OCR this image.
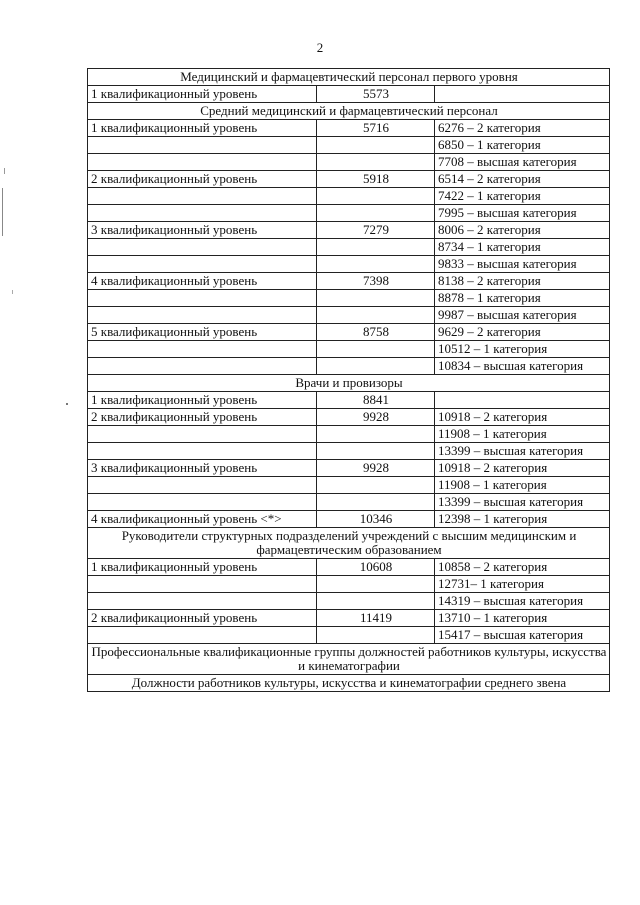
2
Медицинский и фармацевтический персонал первого уровня		
1 квалификационный уровень	5573	
Средний медицинский и фармацевтический персонал		
1 квалификационный уровень	5716	6276 – 2 категория
		6850 – 1 категория
		7708 – высшая категория
2 квалификационный уровень	5918	6514 – 2 категория
		7422 – 1 категория
		7995 – высшая категория
3 квалификационный уровень	7279	8006 – 2 категория
		8734 – 1 категория
		9833 – высшая категория
4 квалификационный уровень	7398	8138 – 2 категория
		8878 – 1 категория
		9987 – высшая категория
5 квалификационный уровень	8758	9629 – 2 категория
		10512 – 1 категория
		10834 – высшая категория
Врачи и провизоры		
1 квалификационный уровень	8841	
2 квалификационный уровень	9928	10918 – 2 категория
		11908 – 1 категория
		13399 – высшая категория
3 квалификационный уровень	9928	10918 – 2 категория
		11908 – 1 категория
		13399 – высшая категория
4 квалификационный уровень <*>	10346	12398 – 1 категория
Руководители структурных подразделений учреждений с высшим медицинским и фармацевтическим образованием		
1 квалификационный уровень	10608	10858 – 2 категория
		12731– 1 категория
		14319 – высшая категория
2 квалификационный уровень	11419	13710 – 1 категория
		15417 – высшая категория
Профессиональные квалификационные группы должностей работников культуры, искусства и кинематографии		
Должности работников культуры, искусства и кинематографии среднего звена		
